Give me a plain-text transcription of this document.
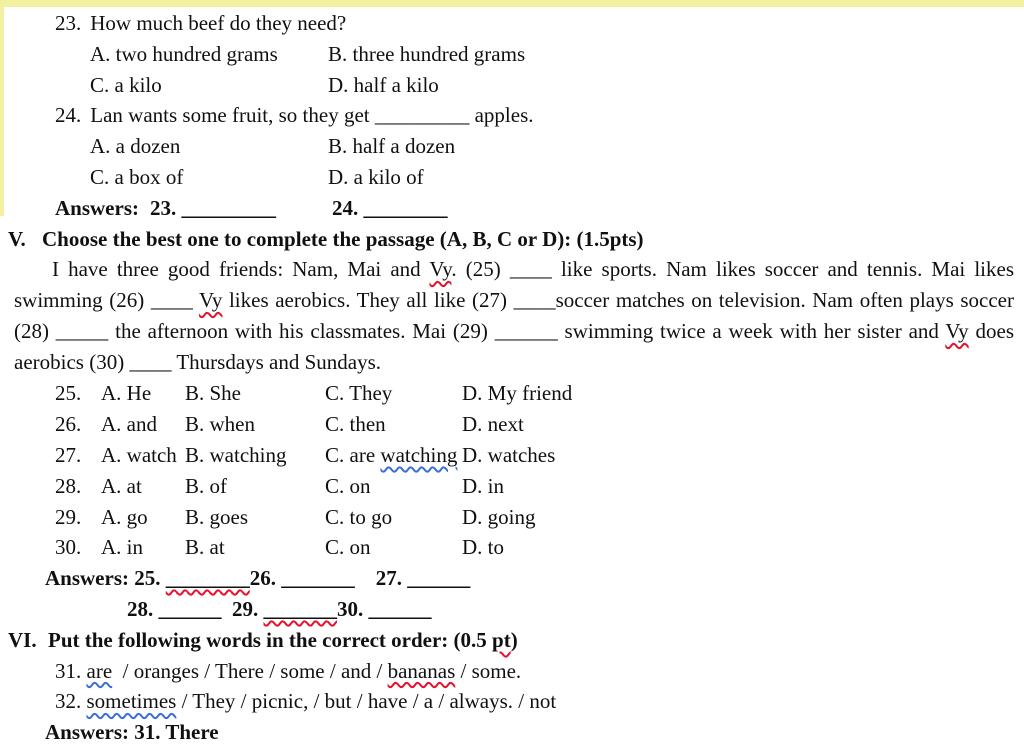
23. How much beef do they need?
A. two hundred grams	B. three hundred grams
C. a kilo	D. half a kilo
24. Lan wants some fruit, so they get _________ apples.
A. a dozen	B. half a dozen
C. a box of	D. a kilo of
Answers: 23. _________	24. ________
V. Choose the best one to complete the passage (A, B, C or D): (1.5pts)

I have three good friends: Nam, Mai and Vy. (25) ____ like sports. Nam likes soccer and tennis. Mai likes swimming (26) ____ Vy likes aerobics. They all like (27) ____soccer matches on television. Nam often plays soccer (28) _____ the afternoon with his classmates. Mai (29) ______ swimming twice a week with her sister and Vy does aerobics (30) ____ Thursdays and Sundays.

25. A. He	B. She	C. They	D. My friend
26. A. and	B. when	C. then	D. next
27. A. watch B. watching	C. are watching D. watches
28. A. at	B. of	C. on	D. in
29. A. go	B. goes	C. to go	D. going
30. A. in	B. at	C. on	D. to
Answers: 25. ________26. _______    27. ______
28. ______  29. _______30. ______
VI. Put the following words in the correct order: (0.5 pt)
31. are  / oranges / There / some / and / bananas / some.
32. sometimes / They / picnic, / but / have / a / always. / not
Answers: 31. There
